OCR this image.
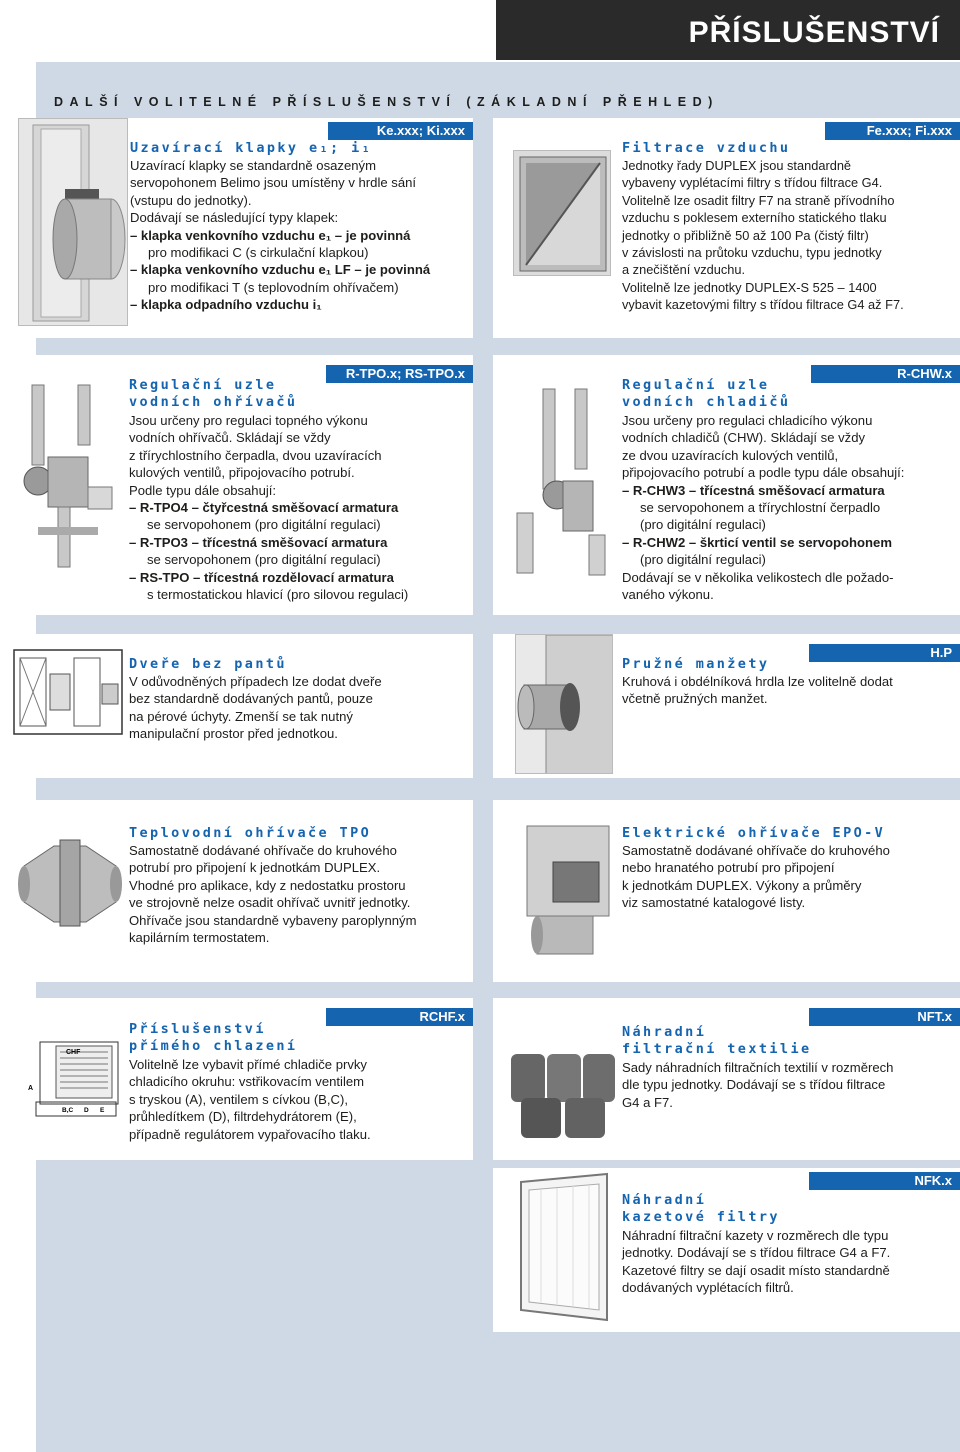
PŘÍSLUŠENSTVÍ
DALŠÍ VOLITELNÉ PŘÍSLUŠENSTVÍ (ZÁKLADNÍ PŘEHLED)
Ke.xxx; Ki.xxx
Uzavírací klapky e₁; i₁
Uzavírací klapky se standardně osazeným
servopohonem Belimo jsou umístěny v hrdle sání
(vstupu do jednotky).
Dodávají se následující typy klapek:
– klapka venkovního vzduchu e₁ – je povinná
pro modifikaci C (s cirkulační klapkou)
– klapka venkovního vzduchu e₁ LF – je povinná
pro modifikaci T (s teplovodním ohřívačem)
– klapka odpadního vzduchu i₁
Fe.xxx; Fi.xxx
Filtrace vzduchu
Jednotky řady DUPLEX jsou standardně
vybaveny vyplétacími filtry s třídou filtrace G4.
Volitelně lze osadit filtry F7 na straně přívodního
vzduchu s poklesem externího statického tlaku
jednotky o přibližně 50 až 100 Pa (čistý filtr)
v závislosti na průtoku vzduchu, typu jednotky
a znečištění vzduchu.
Volitelně lze jednotky DUPLEX-S 525 – 1400
vybavit kazetovými filtry s třídou filtrace G4 až F7.
R-TPO.x; RS-TPO.x
Regulační uzle
vodních ohřívačů
Jsou určeny pro regulaci topného výkonu
vodních ohřívačů. Skládají se vždy
z třírychlostního čerpadla, dvou uzavíracích
kulových ventilů, připojovacího potrubí.
Podle typu dále obsahují:
– R-TPO4 – čtyřcestná směšovací armatura
se servopohonem (pro digitální regulaci)
– R-TPO3 – třícestná směšovací armatura
se servopohonem (pro digitální regulaci)
– RS-TPO – třícestná rozdělovací armatura
s termostatickou hlavicí (pro silovou regulaci)
R-CHW.x
Regulační uzle
vodních chladičů
Jsou určeny pro regulaci chladicího výkonu
vodních chladičů (CHW). Skládají se vždy
ze dvou uzavíracích kulových ventilů,
připojovacího potrubí a podle typu dále obsahují:
– R-CHW3 – třícestná směšovací armatura
se servopohonem a třírychlostní čerpadlo
(pro digitální regulaci)
– R-CHW2 – škrticí ventil se servopohonem
(pro digitální regulaci)
Dodávají se v několika velikostech dle požado-
vaného výkonu.
Dveře bez pantů
V odůvodněných případech lze dodat dveře
bez standardně dodávaných pantů, pouze
na pérové úchyty. Zmenší se tak nutný
manipulační prostor před jednotkou.
H.P
Pružné manžety
Kruhová i obdélníková hrdla lze volitelně dodat
včetně pružných manžet.
Teplovodní ohřívače TPO
Samostatně dodávané ohřívače do kruhového
potrubí pro připojení k jednotkám DUPLEX.
Vhodné pro aplikace, kdy z nedostatku prostoru
ve strojovně nelze osadit ohřívač uvnitř jednotky.
Ohřívače jsou standardně vybaveny paroplynným
kapilárním termostatem.
Elektrické ohřívače EPO-V
Samostatně dodávané ohřívače do kruhového
nebo hranatého potrubí pro připojení
k jednotkám DUPLEX. Výkony a průměry
viz samostatné katalogové listy.
CHF
A
B,C D E
RCHF.x
Příslušenství
přímého chlazení
Volitelně lze vybavit přímé chladiče prvky
chladicího okruhu: vstřikovacím ventilem
s tryskou (A), ventilem s cívkou (B,C),
průhledítkem (D), filtrdehydrátorem (E),
případně regulátorem vypařovacího tlaku.
NFT.x
Náhradní
filtrační textilie
Sady náhradních filtračních textilií v rozměrech
dle typu jednotky. Dodávají se s třídou filtrace
G4 a F7.
NFK.x
Náhradní
kazetové filtry
Náhradní filtrační kazety v rozměrech dle typu
jednotky. Dodávají se s třídou filtrace G4 a F7.
Kazetové filtry se dají osadit místo standardně
dodávaných vyplétacích filtrů.
